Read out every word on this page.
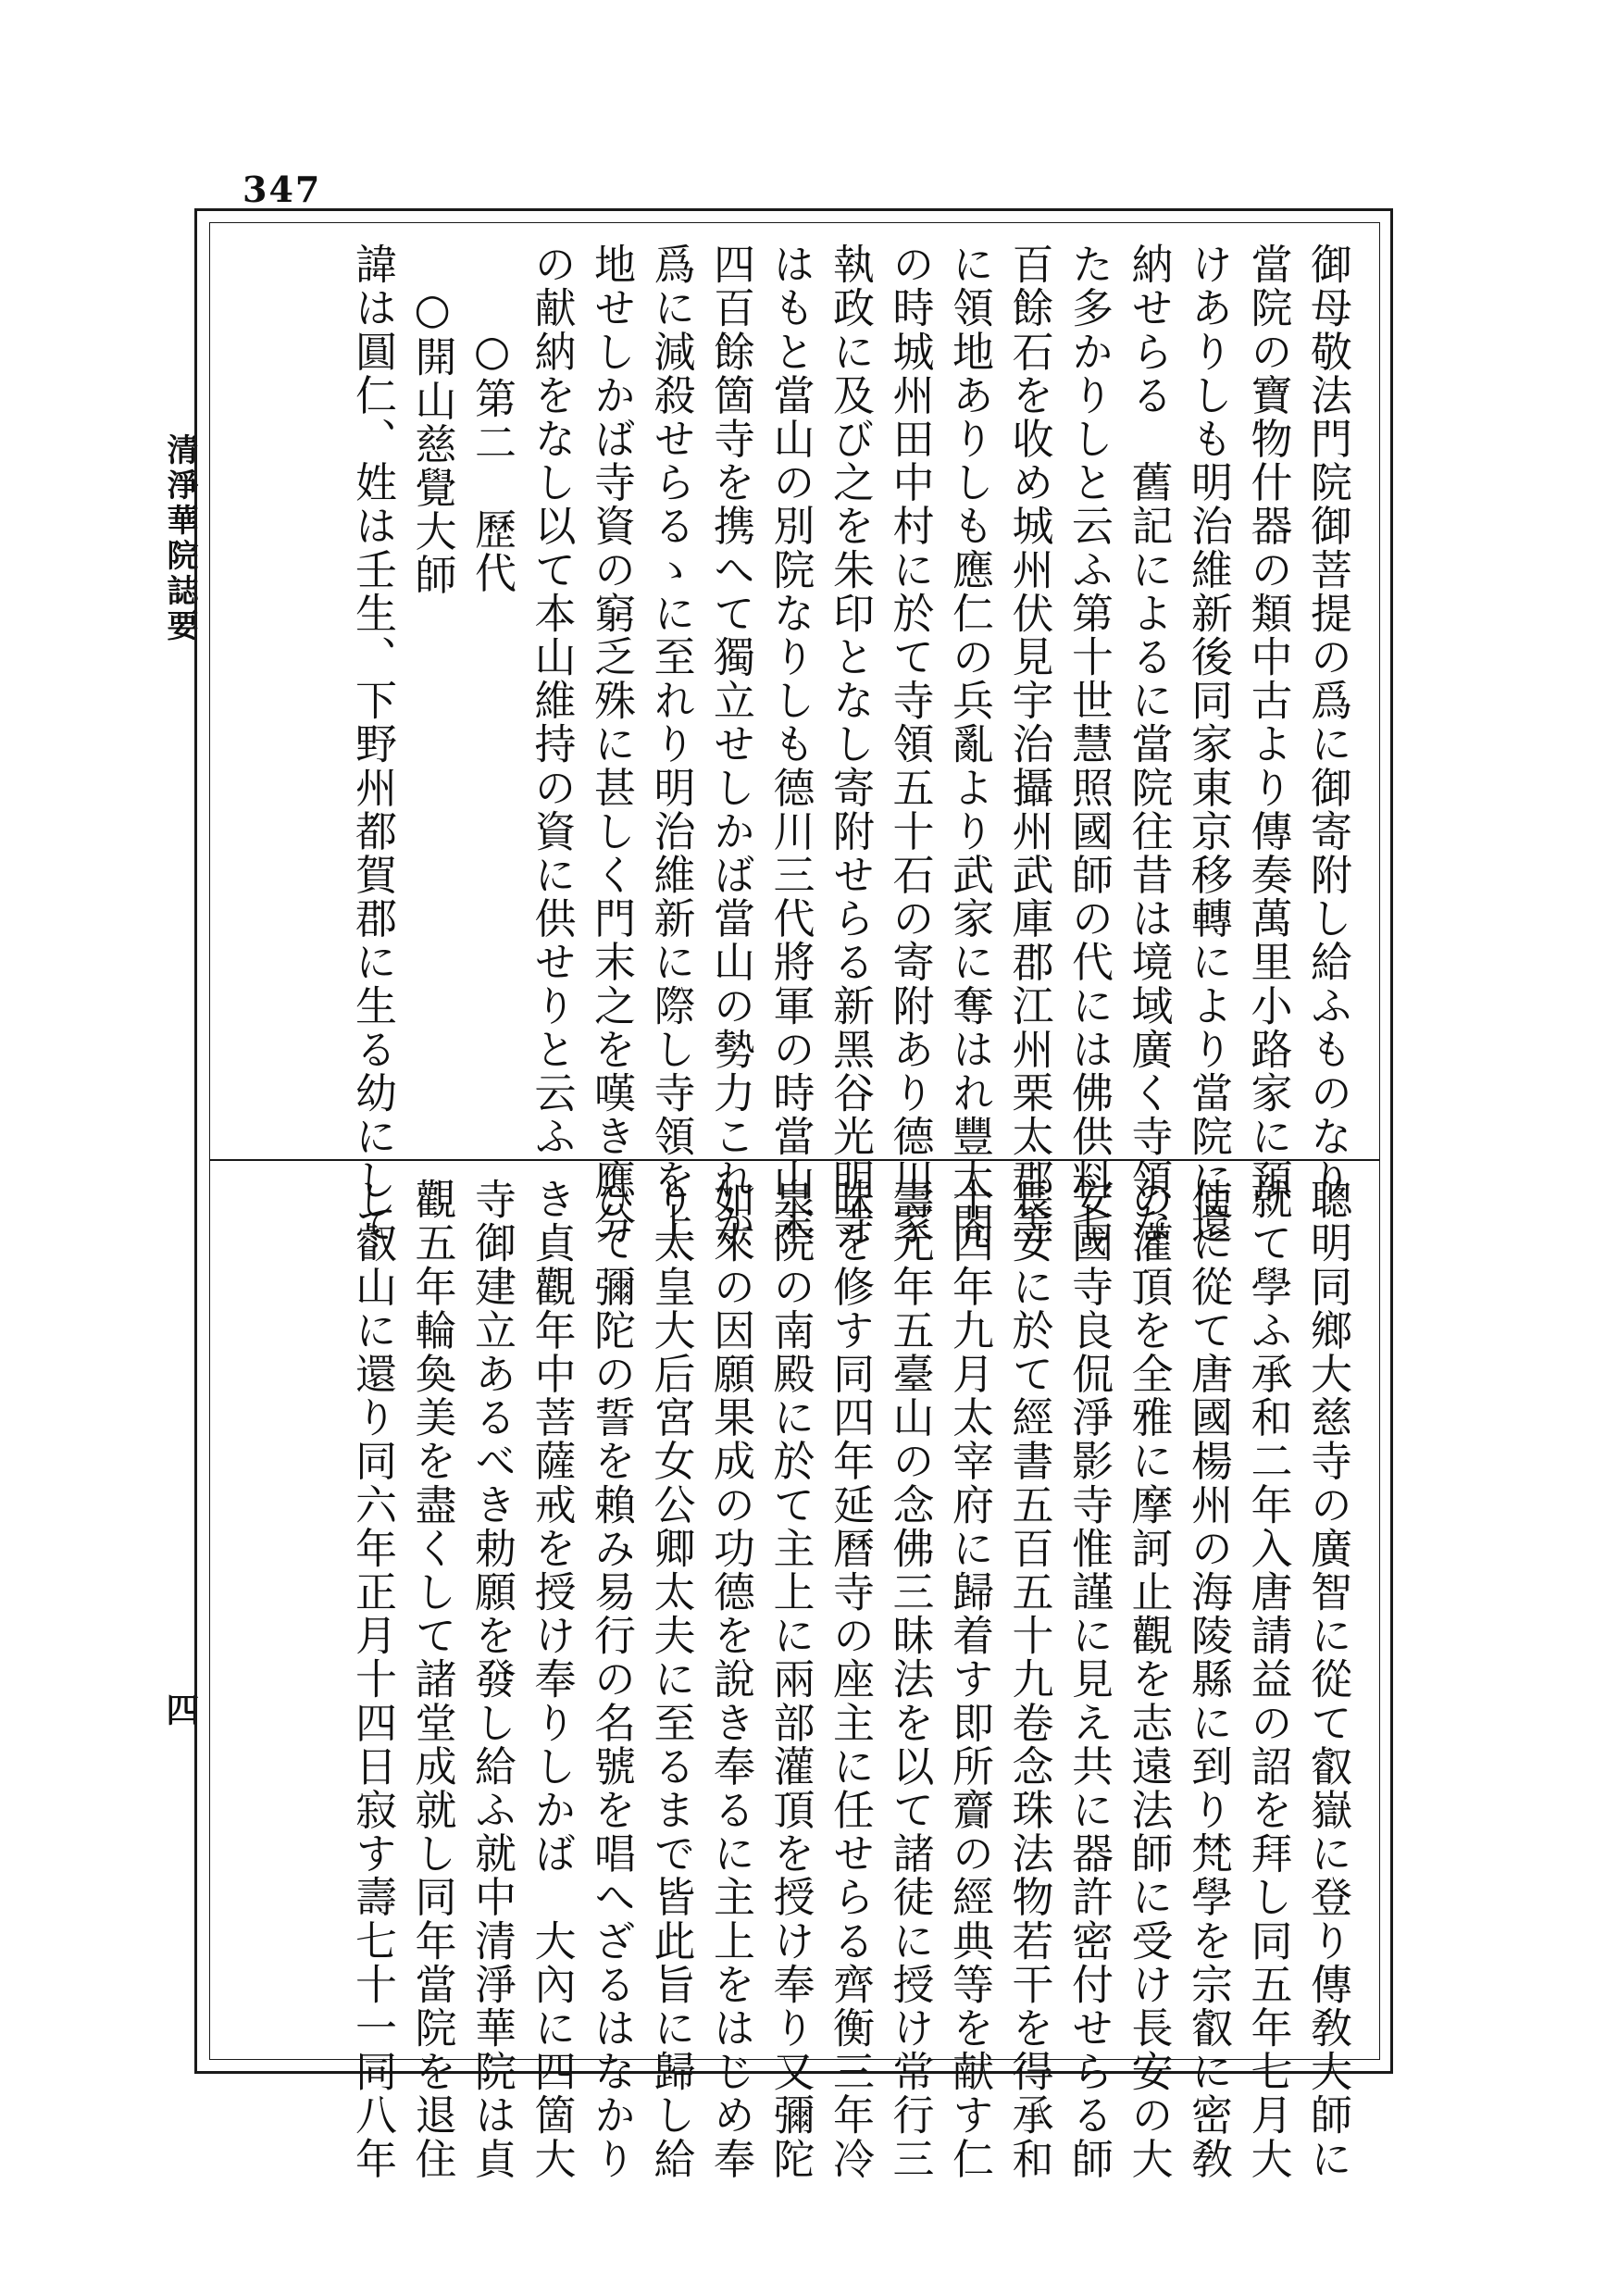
347
清淨華院誌要
四
御母敬法門院御菩提の爲に御寄附し給ふものなり
當院の寶物什器の類中古より傳奏萬里小路家に預
けありしも明治維新後同家東京移轉により當院に還
納せらる　舊記によるに當院往昔は境域廣く寺領な
た多かりしと云ふ第十世慧照國師の代には佛供料七
百餘石を收め城州伏見宇治攝州武庫郡江州栗太郡等
に領地ありしも應仁の兵亂より武家に奪はれ豐太閤
の時城州田中村に於て寺領五十石の寄附あり德川家
執政に及び之を朱印となし寄附せらる新黑谷光明寺
はもと當山の別院なりしも德川三代將軍の時當山末
四百餘箇寺を携へて獨立せしかば當山の勢力これか
爲に減殺せらるゝに至れり明治維新に際し寺領を上
地せしかば寺資の窮乏殊に甚しく門末之を嘆き應分
の献納をなし以て本山維持の資に供せりと云ふ
○第二　歷代
○開山慈覺大師
諱は圓仁、姓は壬生、下野州都賀郡に生る幼にして
聰明同鄉大慈寺の廣智に從て叡嶽に登り傳敎大師に
就て學ふ承和二年入唐請益の詔を拜し同五年七月大
使に從て唐國楊州の海陵縣に到り梵學を宗叡に密敎
の灌頂を全雅に摩訶止觀を志遠法師に受け長安の大
安國寺良侃淨影寺惟謹に見え共に器許密付せらる師
長安に於て經書五百五十九卷念珠法物若干を得承和
十四年九月太宰府に歸着す即所齎の經典等を献す仁
壽元年五臺山の念佛三昧法を以て諸徒に授け常行三
昧を修す同四年延曆寺の座主に任せらる齊衡三年冷
泉院の南殿に於て主上に兩部灌頂を授け奉り又彌陀
如來の因願果成の功德を說き奉るに主上をはじめ奉
り太皇大后宮女公卿太夫に至るまで皆此旨に歸し給
ひて彌陀の誓を賴み易行の名號を唱へざるはなかり
き貞觀年中菩薩戒を授け奉りしかば　大內に四箇大
寺御建立あるべき勅願を發し給ふ就中清淨華院は貞
觀五年輪奐美を盡くして諸堂成就し同年當院を退住
し叡山に還り同六年正月十四日寂す壽七十一同八年
